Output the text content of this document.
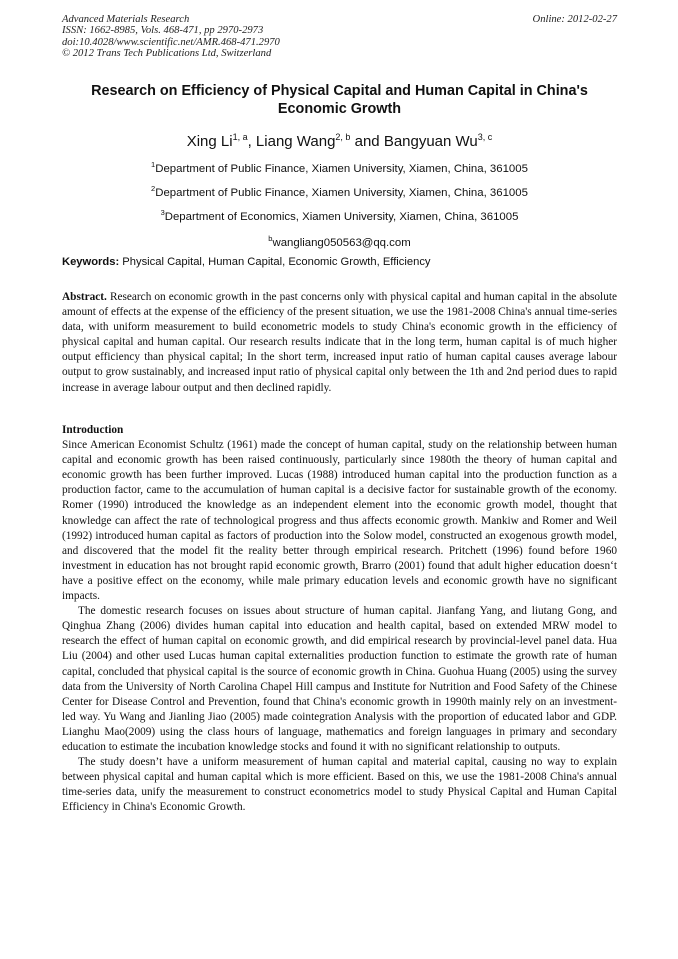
Advanced Materials Research
ISSN: 1662-8985, Vols. 468-471, pp 2970-2973
doi:10.4028/www.scientific.net/AMR.468-471.2970
© 2012 Trans Tech Publications Ltd, Switzerland
Online: 2012-02-27
Research on Efficiency of Physical Capital and Human Capital in China's Economic Growth
Xing Li$^{1, a}$, Liang Wang$^{2, b}$ and Bangyuan Wu$^{3, c}$
$^1$Department of Public Finance, Xiamen University, Xiamen, China, 361005
$^2$Department of Public Finance, Xiamen University, Xiamen, China, 361005
$^3$Department of Economics, Xiamen University, Xiamen, China, 361005
$^b$wangliang050563@qq.com
Keywords: Physical Capital, Human Capital, Economic Growth, Efficiency
Abstract. Research on economic growth in the past concerns only with physical capital and human capital in the absolute amount of effects at the expense of the efficiency of the present situation, we use the 1981-2008 China's annual time-series data, with uniform measurement to build econometric models to study China's economic growth in the efficiency of physical capital and human capital. Our research results indicate that in the long term, human capital is of much higher output efficiency than physical capital; In the short term, increased input ratio of human capital causes average labour output to grow sustainably, and increased input ratio of physical capital only between the 1th and 2nd period dues to rapid increase in average labour output and then declined rapidly.
Introduction

Since American Economist Schultz (1961) made the concept of human capital, study on the relationship between human capital and economic growth has been raised continuously, particularly since 1980th the theory of human capital and economic growth has been further improved. Lucas (1988) introduced human capital into the production function as a production factor, came to the accumulation of human capital is a decisive factor for sustainable growth of the economy. Romer (1990) introduced the knowledge as an independent element into the economic growth model, thought that knowledge can affect the rate of technological progress and thus affects economic growth. Mankiw and Romer and Weil (1992) introduced human capital as factors of production into the Solow model, constructed an exogenous growth model, and discovered that the model fit the reality better through empirical research. Pritchett (1996) found before 1960 investment in education has not brought rapid economic growth, Brarro (2001) found that adult higher education doesn‘t have a positive effect on the economy, while male primary education levels and economic growth have no significant impacts.

The domestic research focuses on issues about structure of human capital. Jianfang Yang, and liutang Gong, and Qinghua Zhang (2006) divides human capital into education and health capital, based on extended MRW model to research the effect of human capital on economic growth, and did empirical research by provincial-level panel data. Hua Liu (2004) and other used Lucas human capital externalities production function to estimate the growth rate of human capital, concluded that physical capital is the source of economic growth in China. Guohua Huang (2005) using the survey data from the University of North Carolina Chapel Hill campus and Institute for Nutrition and Food Safety of the Chinese Center for Disease Control and Prevention, found that China's economic growth in 1990th mainly rely on an investment-led way. Yu Wang and Jianling Jiao (2005) made cointegration Analysis with the proportion of educated labor and GDP. Lianghu Mao(2009) using the class hours of language, mathematics and foreign languages in primary and secondary education to estimate the incubation knowledge stocks and found it with no significant relationship to outputs.

The study doesn’t have a uniform measurement of human capital and material capital, causing no way to explain between physical capital and human capital which is more efficient. Based on this, we use the 1981-2008 China's annual time-series data, unify the measurement to construct econometrics model to study Physical Capital and Human Capital Efficiency in China's Economic Growth.
